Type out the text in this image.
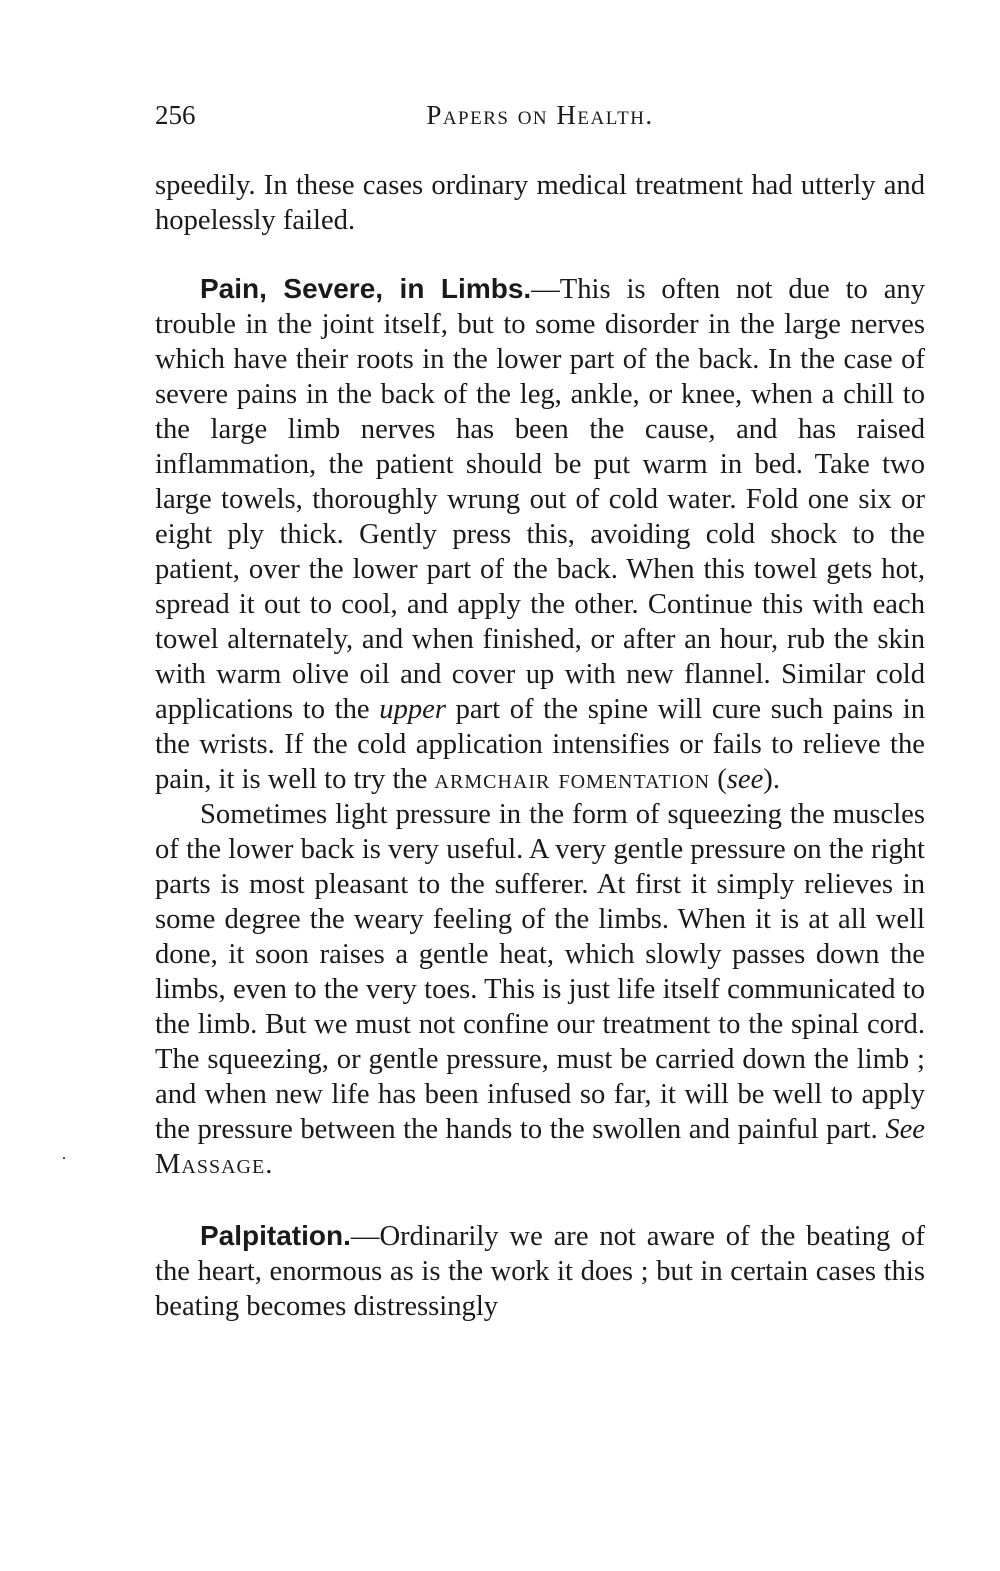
256	Papers on Health.

speedily. In these cases ordinary medical treatment had utterly and hopelessly failed.

Pain, Severe, in Limbs.—This is often not due to any trouble in the joint itself, but to some disorder in the large nerves which have their roots in the lower part of the back. In the case of severe pains in the back of the leg, ankle, or knee, when a chill to the large limb nerves has been the cause, and has raised inflammation, the patient should be put warm in bed. Take two large towels, thoroughly wrung out of cold water. Fold one six or eight ply thick. Gently press this, avoiding cold shock to the patient, over the lower part of the back. When this towel gets hot, spread it out to cool, and apply the other. Continue this with each towel alternately, and when finished, or after an hour, rub the skin with warm olive oil and cover up with new flannel. Similar cold applications to the upper part of the spine will cure such pains in the wrists. If the cold application intensifies or fails to relieve the pain, it is well to try the armchair fomentation (see).

Sometimes light pressure in the form of squeezing the muscles of the lower back is very useful. A very gentle pressure on the right parts is most pleasant to the sufferer. At first it simply relieves in some degree the weary feeling of the limbs. When it is at all well done, it soon raises a gentle heat, which slowly passes down the limbs, even to the very toes. This is just life itself communicated to the limb. But we must not confine our treatment to the spinal cord. The squeezing, or gentle pressure, must be carried down the limb ; and when new life has been infused so far, it will be well to apply the pressure between the hands to the swollen and painful part. See Massage.

Palpitation.—Ordinarily we are not aware of the beating of the heart, enormous as is the work it does ; but in certain cases this beating becomes distressingly
